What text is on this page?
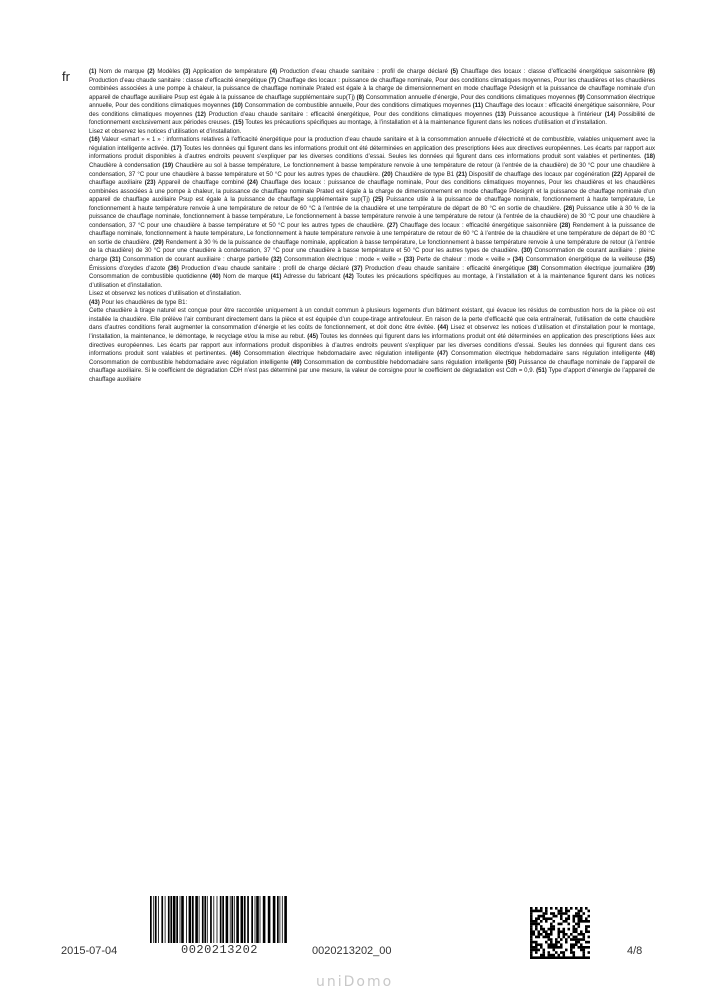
fr	(1) Nom de marque (2) Modèles (3) Application de température (4) Production d’eau chaude sanitaire : profil de charge déclaré (5) Chauffage des locaux : classe d’efficacité énergétique saisonnière (6) Production d’eau chaude sanitaire : classe d’efficacité énergétique (7) Chauffage des locaux : puissance de chauffage nominale, Pour des conditions climatiques moyennes, Pour les chaudières et les chaudières combinées associées à une pompe à chaleur, la puissance de chauffage nominale Prated est égale à la charge de dimensionnement en mode chauffage Pdesignh et la puissance de chauffage nominale d’un appareil de chauffage auxiliaire Psup est égale à la puissance de chauffage supplémentaire sup(Tj) (8) Consommation annuelle d’énergie, Pour des conditions climatiques moyennes (9) Consommation électrique annuelle, Pour des conditions climatiques moyennes (10) Consommation de combustible annuelle, Pour des conditions climatiques moyennes (11) Chauffage des locaux : efficacité énergétique saisonnière, Pour des conditions climatiques moyennes (12) Production d’eau chaude sanitaire : efficacité énergétique, Pour des conditions climatiques moyennes (13) Puissance acoustique à l’intérieur (14) Possibilité de fonctionnement exclusivement aux périodes creuses. (15) Toutes les précautions spécifiques au montage, à l’installation et à la maintenance figurent dans les notices d’utilisation et d’installation.

Lisez et observez les notices d’utilisation et d’installation.

(16) Valeur «smart » « 1 » : informations relatives à l’efficacité énergétique pour la production d’eau chaude sanitaire et à la consommation annuelle d’électricité et de combustible, valables uniquement avec la régulation intelligente activée. (17) Toutes les données qui figurent dans les informations produit ont été déterminées en application des prescriptions liées aux directives européennes. Les écarts par rapport aux informations produit disponibles à d’autres endroits peuvent s’expliquer par les diverses conditions d’essai. Seules les données qui figurent dans ces informations produit sont valables et pertinentes. (18) Chaudière à condensation (19) Chaudière au sol à basse température, Le fonctionnement à basse température renvoie à une température de retour (à l’entrée de la chaudière) de 30 °C pour une chaudière à condensation, 37 °C pour une chaudière à basse température et 50 °C pour les autres types de chaudière. (20) Chaudière de type B1 (21) Dispositif de chauffage des locaux par cogénération (22) Appareil de chauffage auxiliaire (23) Appareil de chauffage combiné (24) Chauffage des locaux : puissance de chauffage nominale, Pour des conditions climatiques moyennes, Pour les chaudières et les chaudières combinées associées à une pompe à chaleur, la puissance de chauffage nominale Prated est égale à la charge de dimensionnement en mode chauffage Pdesignh et la puissance de chauffage nominale d’un appareil de chauffage auxiliaire Psup est égale à la puissance de chauffage supplémentaire sup(Tj) (25) Puissance utile à la puissance de chauffage nominale, fonctionnement à haute température, Le fonctionnement à haute température renvoie à une température de retour de 60 °C à l’entrée de la chaudière et une température de départ de 80 °C en sortie de chaudière. (26) Puissance utile à 30 % de la puissance de chauffage nominale, fonctionnement à basse température, Le fonctionnement à basse température renvoie à une température de retour (à l’entrée de la chaudière) de 30 °C pour une chaudière à condensation, 37 °C pour une chaudière à basse température et 50 °C pour les autres types de chaudière. (27) Chauffage des locaux : efficacité énergétique saisonnière (28) Rendement à la puissance de chauffage nominale, fonctionnement à haute température, Le fonctionnement à haute température renvoie à une température de retour de 60 °C à l’entrée de la chaudière et une température de départ de 80 °C en sortie de chaudière. (29) Rendement à 30 % de la puissance de chauffage nominale, application à basse température, Le fonctionnement à basse température renvoie à une température de retour (à l’entrée de la chaudière) de 30 °C pour une chaudière à condensation, 37 °C pour une chaudière à basse température et 50 °C pour les autres types de chaudière. (30) Consommation de courant auxiliaire : pleine charge (31) Consommation de courant auxiliaire : charge partielle (32) Consommation électrique : mode « veille » (33) Perte de chaleur : mode « veille » (34) Consommation énergétique de la veilleuse (35) Émissions d’oxydes d’azote (36) Production d’eau chaude sanitaire : profil de charge déclaré (37) Production d’eau chaude sanitaire : efficacité énergétique (38) Consommation électrique journalière (39) Consommation de combustible quotidienne (40) Nom de marque (41) Adresse du fabricant (42) Toutes les précautions spécifiques au montage, à l’installation et à la maintenance figurent dans les notices d’utilisation et d’installation.

Lisez et observez les notices d’utilisation et d’installation.

(43) Pour les chaudières de type B1:

Cette chaudière à tirage naturel est conçue pour être raccordée uniquement à un conduit commun à plusieurs logements d’un bâtiment existant, qui évacue les résidus de combustion hors de la pièce où est installée la chaudière. Elle prélève l’air comburant directement dans la pièce et est équipée d’un coupe-tirage antirefouleur. En raison de la perte d’efficacité que cela entraînerait, l’utilisation de cette chaudière dans d’autres conditions ferait augmenter la consommation d’énergie et les coûts de fonctionnement, et doit donc être évitée. (44) Lisez et observez les notices d’utilisation et d’installation pour le montage, l’installation, la maintenance, le démontage, le recyclage et/ou la mise au rebut. (45) Toutes les données qui figurent dans les informations produit ont été déterminées en application des prescriptions liées aux directives européennes. Les écarts par rapport aux informations produit disponibles à d’autres endroits peuvent s’expliquer par les diverses conditions d’essai. Seules les données qui figurent dans ces informations produit sont valables et pertinentes. (46) Consommation électrique hebdomadaire avec régulation intelligente (47) Consommation électrique hebdomadaire sans régulation intelligente (48) Consommation de combustible hebdomadaire avec régulation intelligente (49) Consommation de combustible hebdomadaire sans régulation intelligente (50) Puissance de chauffage nominale de l’appareil de chauffage auxiliaire. Si le coefficient de dégradation CDH n’est pas déterminé par une mesure, la valeur de consigne pour le coefficient de dégradation est Cdh = 0,9. (51) Type d’apport d’énergie de l’appareil de chauffage auxiliaire

2015-07-04	0020213202	0020213202_00	4/8
uniDomo
